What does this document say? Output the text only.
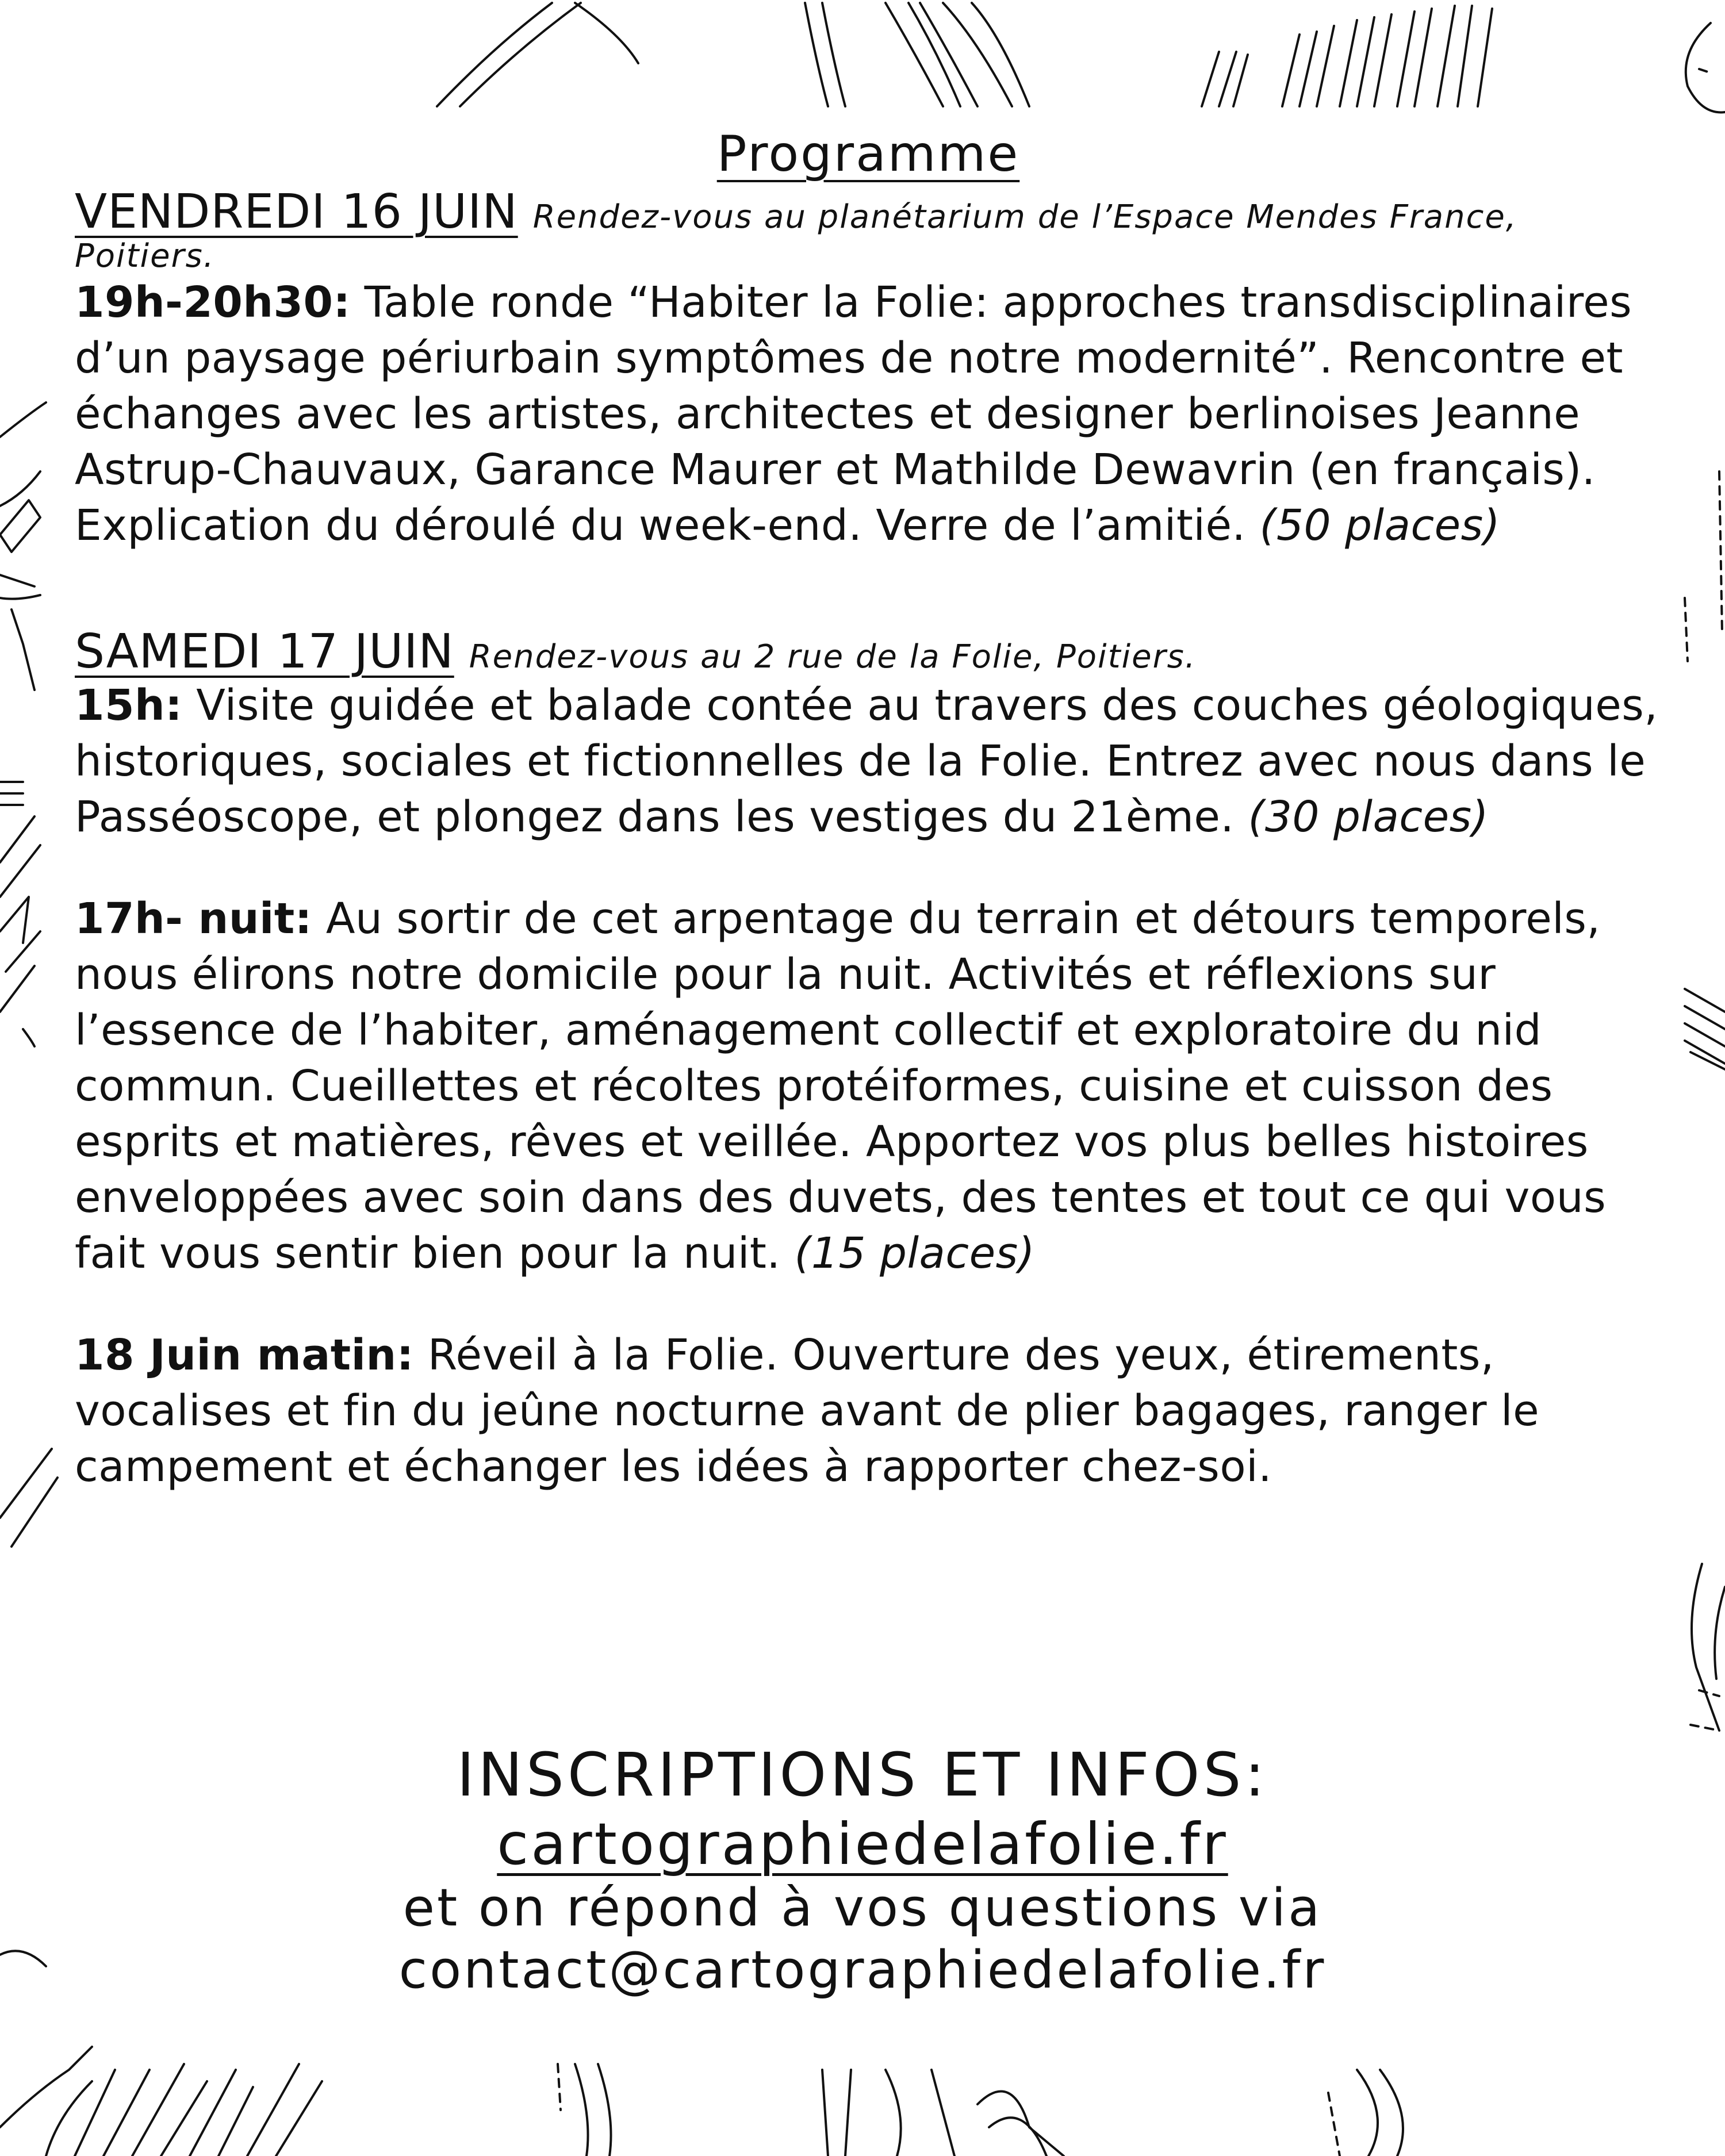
Programme

VENDREDI 16 JUIN Rendez-vous au planétarium de l’Espace Mendes France, Poitiers.

19h-20h30: Table ronde “Habiter la Folie: approches transdisciplinaires d’un paysage périurbain symptômes de notre modernité”. Rencontre et échanges avec les artistes, architectes et designer berlinoises Jeanne Astrup-Chauvaux, Garance Maurer et Mathilde Dewavrin (en français). Explication du déroulé du week-end. Verre de l’amitié. (50 places)

SAMEDI 17 JUIN Rendez-vous au 2 rue de la Folie, Poitiers.

15h: Visite guidée et balade contée au travers des couches géologiques, historiques, sociales et fictionnelles de la Folie. Entrez avec nous dans le Passéoscope, et plongez dans les vestiges du 21ème. (30 places)

17h- nuit: Au sortir de cet arpentage du terrain et détours temporels, nous élirons notre domicile pour la nuit. Activités et réflexions sur l’essence de l’habiter, aménagement collectif et exploratoire du nid commun. Cueillettes et récoltes protéiformes, cuisine et cuisson des esprits et matières, rêves et veillée. Apportez vos plus belles histoires enveloppées avec soin dans des duvets, des tentes et tout ce qui vous fait vous sentir bien pour la nuit. (15 places)

18 Juin matin: Réveil à la Folie. Ouverture des yeux, étirements, vocalises et fin du jeûne nocturne avant de plier bagages, ranger le campement et échanger les idées à rapporter chez-soi.

INSCRIPTIONS ET INFOS:

cartographiedelafolie.fr

et on répond à vos questions via

contact@cartographiedelafolie.fr
